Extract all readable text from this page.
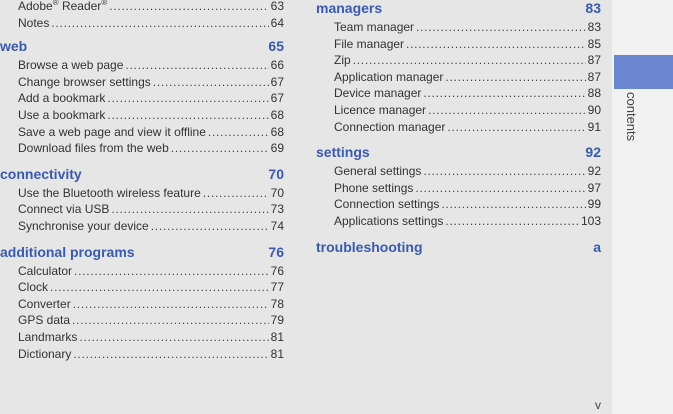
Adobe® Reader® . . .	63
Notes . . .	64
web	65
Browse a web page . . .	66
Change browser settings . . .	67
Add a bookmark . . .	67
Use a bookmark . . .	68
Save a web page and view it offline . . .	68
Download files from the web . . .	69
connectivity	70
Use the Bluetooth wireless feature . . .	70
Connect via USB . . .	73
Synchronise your device . . .	74
additional programs	76
Calculator . . .	76
Clock . . .	77
Converter . . .	78
GPS data . . .	79
Landmarks . . .	81
Dictionary . . .	81
managers	83
Team manager . . .	83
File manager . . .	85
Zip . . .	87
Application manager . . .	87
Device manager . . .	88
Licence manager . . .	90
Connection manager . . .	91
settings	92
General settings . . .	92
Phone settings . . .	97
Connection settings . . .	99
Applications settings . . .	103
troubleshooting	a
contents
v
